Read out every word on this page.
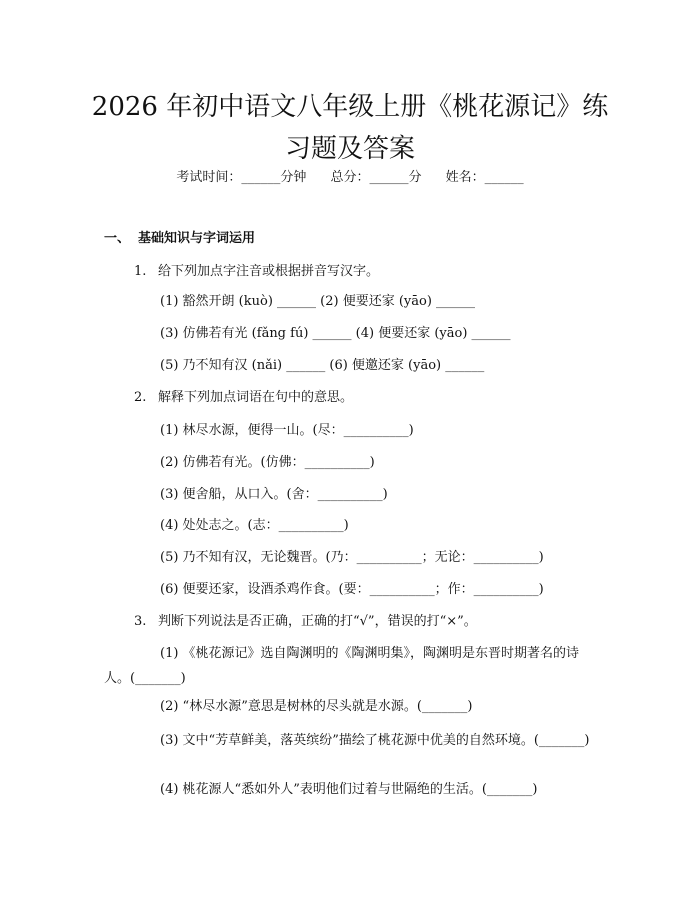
2026 年初中语文八年级上册《桃花源记》练习题及答案
考试时间：______分钟 总分：______分 姓名：______
一、 基础知识与字词运用
1. 给下列加点字注音或根据拼音写汉字。
(1) 豁然开朗 (kuò) ______ (2) 便要还家 (yāo) ______
(3) 仿佛若有光 (fǎng fú) ______ (4) 便要还家 (yāo) ______
(5) 乃不知有汉 (nǎi) ______ (6) 便邀还家 (yāo) ______
2. 解释下列加点词语在句中的意思。
(1) 林尽水源，便得一山。(尽：__________)
(2) 仿佛若有光。(仿佛：__________)
(3) 便舍船，从口入。(舍：__________)
(4) 处处志之。(志：__________)
(5) 乃不知有汉，无论魏晋。(乃：__________；无论：__________)
(6) 便要还家，设酒杀鸡作食。(要：__________；作：__________)
3. 判断下列说法是否正确，正确的打“√”，错误的打“×”。
(1) 《桃花源记》选自陶渊明的《陶渊明集》，陶渊明是东晋时期著名的诗人。(_______)
(2) “林尽水源”意思是树林的尽头就是水源。(_______)
(3) 文中“芳草鲜美，落英缤纷”描绘了桃花源中优美的自然环境。(_______)
(4) 桃花源人“悉如外人”表明他们过着与世隔绝的生活。(_______)
